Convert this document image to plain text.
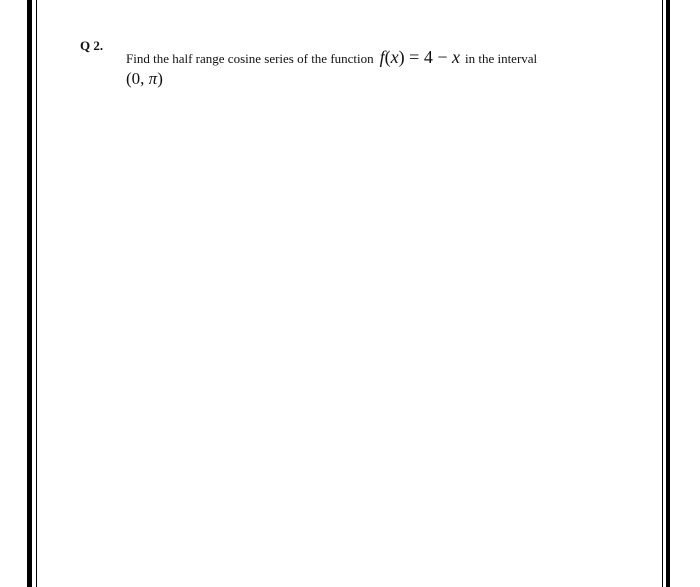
Q 2.
Find the half range cosine series of the function f(x) = 4 − x in the interval
(0, π)
